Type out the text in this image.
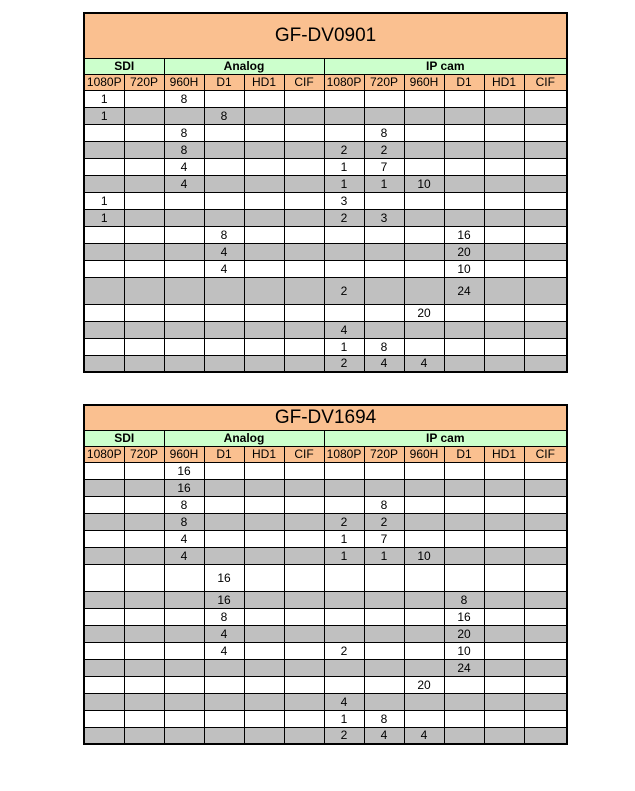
GF-DV0901											
SDI		Analog				IP cam					
1080P	720P	960H	D1	HD1	CIF	1080P	720P	960H	D1	HD1	CIF
1		8									
1			8								
		8					8				
		8				2	2				
		4				1	7				
		4				1	1	10			
1						3					
1						2	3				
			8						16		
			4						20		
			4						10		
						2			24		
								20			
						4					
						1	8				
						2	4	4			
GF-DV1694											
SDI		Analog				IP cam					
1080P	720P	960H	D1	HD1	CIF	1080P	720P	960H	D1	HD1	CIF
		16									
		16									
		8					8				
		8				2	2				
		4				1	7				
		4				1	1	10			
			16								
			16						8		
			8						16		
			4						20		
			4			2			10		
									24		
								20			
						4					
						1	8				
						2	4	4			
